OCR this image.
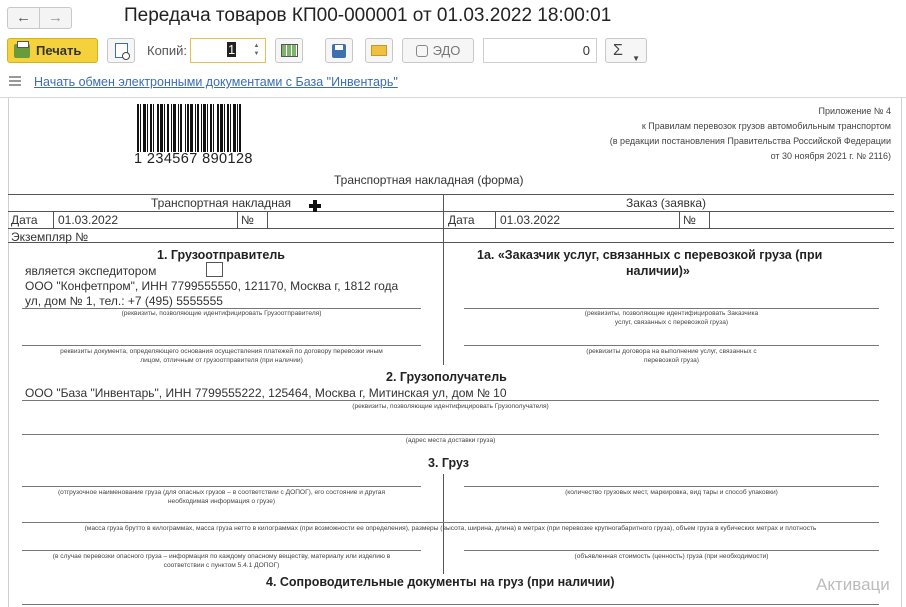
←	→	Передача товаров КП00-000001 от 01.03.2022 18:00:01
Печать	Копий:	1	▲
▼	ЭДО	0	Σ ▼
Начать обмен электронными документами с База "Инвентарь"
Приложение № 4
к Правилам перевозок грузов автомобильным транспортом
(в редакции постановления Правительства Российской Федерации
от 30 ноября 2021 г. № 2116)
1 234567 890128
Транспортная накладная (форма)
Транспортная накладная	Заказ (заявка)
Дата 01.03.2022	№	Дата 01.03.2022	№
Экземпляр №
1. Грузоотправитель
является экспедитором
ООО "Конфетпром", ИНН 7799555550, 121170, Москва г, 1812 года
ул, дом № 1, тел.: +7 (495) 5555555
(реквизиты, позволяющие идентифицировать Грузоотправителя)
реквизиты документа, определяющего основания осуществления платежей по договору перевозки иным
лицом, отличным от грузоотправителя (при наличии)
1а. «Заказчик услуг, связанных с перевозкой груза (при
наличии)»
(реквизиты, позволяющие идентифицировать Заказчика
услуг, связанных с перевозкой груза)
(реквизиты договора на выполнение услуг, связанных с
перевозкой груза)
2. Грузополучатель
ООО "База "Инвентарь", ИНН 7799555222, 125464, Москва г, Митинская ул, дом № 10
(реквизиты, позволяющие идентифицировать Грузополучателя)
(адрес места доставки груза)
3. Груз
(отгрузочное наименование груза (для опасных грузов – в соответствии с ДОПОГ), его состояние и другая
необходимая информация о грузе)
(количество грузовых мест, маркировка, вид тары и способ упаковки)
(масса груза брутто в килограммах, масса груза нетто в килограммах (при возможности ее определения), размеры (высота, ширина, длина) в метрах (при перевозке крупногабаритного груза), объем груза в кубических метрах и плотность
(в случае перевозки опасного груза – информация по каждому опасному веществу, материалу или изделию в
соответствии с пунктом 5.4.1 ДОПОГ)
(объявленная стоимость (ценность) груза (при необходимости)
4. Сопроводительные документы на груз (при наличии)	Активаци
